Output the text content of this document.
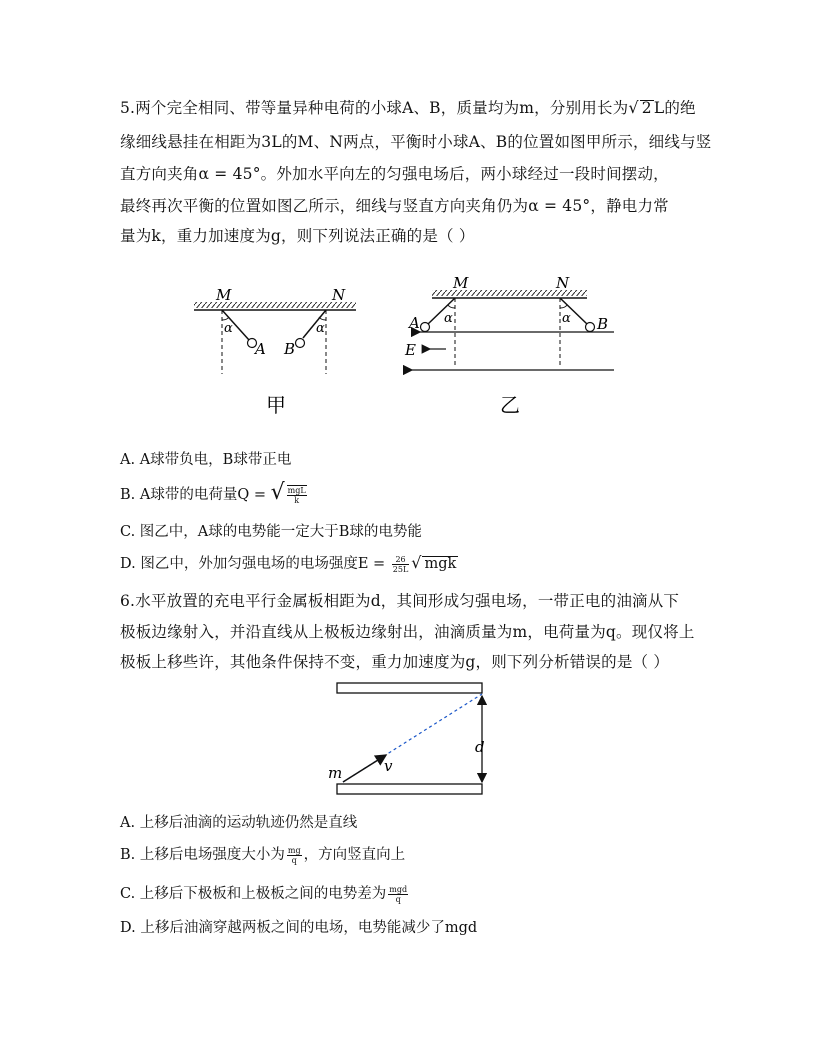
5.两个完全相同、带等量异种电荷的小球A、B，质量均为m，分别用长为√ 2 L的绝
缘细线悬挂在相距为3L的M、N两点，平衡时小球A、B的位置如图甲所示，细线与竖
直方向夹角α = 45°。外加水平向左的匀强电场后，两小球经过一段时间摆动，
最终再次平衡的位置如图乙所示，细线与竖直方向夹角仍为α = 45°，静电力常
量为k，重力加速度为g，则下列说法正确的是（ ）
M	N
α	α
A B
甲
M	N
α	α
A	B
E
乙
A. A球带负电，B球带正电
B. A球带的电荷量Q = √ $\frac{\text{mgL}}{k}$
C. 图乙中，A球的电势能一定大于B球的电势能
D. 图乙中，外加匀强电场的电场强度$E = \frac{26}{25L}$ √ mgk
6.水平放置的充电平行金属板相距为d，其间形成匀强电场，一带正电的油滴从下
极板边缘射入，并沿直线从上极板边缘射出，油滴质量为m，电荷量为q。现仅将上
极板上移些许，其他条件保持不变，重力加速度为g，则下列分析错误的是（ ）
m	v
d
A. 上移后油滴的运动轨迹仍然是直线
B. 上移后电场强度大小为 $\frac{mg}{q}$ ，方向竖直向上
C. 上移后下极板和上极板之间的电势差为 $\frac{\text{mgd}}{q}$
D. 上移后油滴穿越两板之间的电场，电势能减少了mgd
